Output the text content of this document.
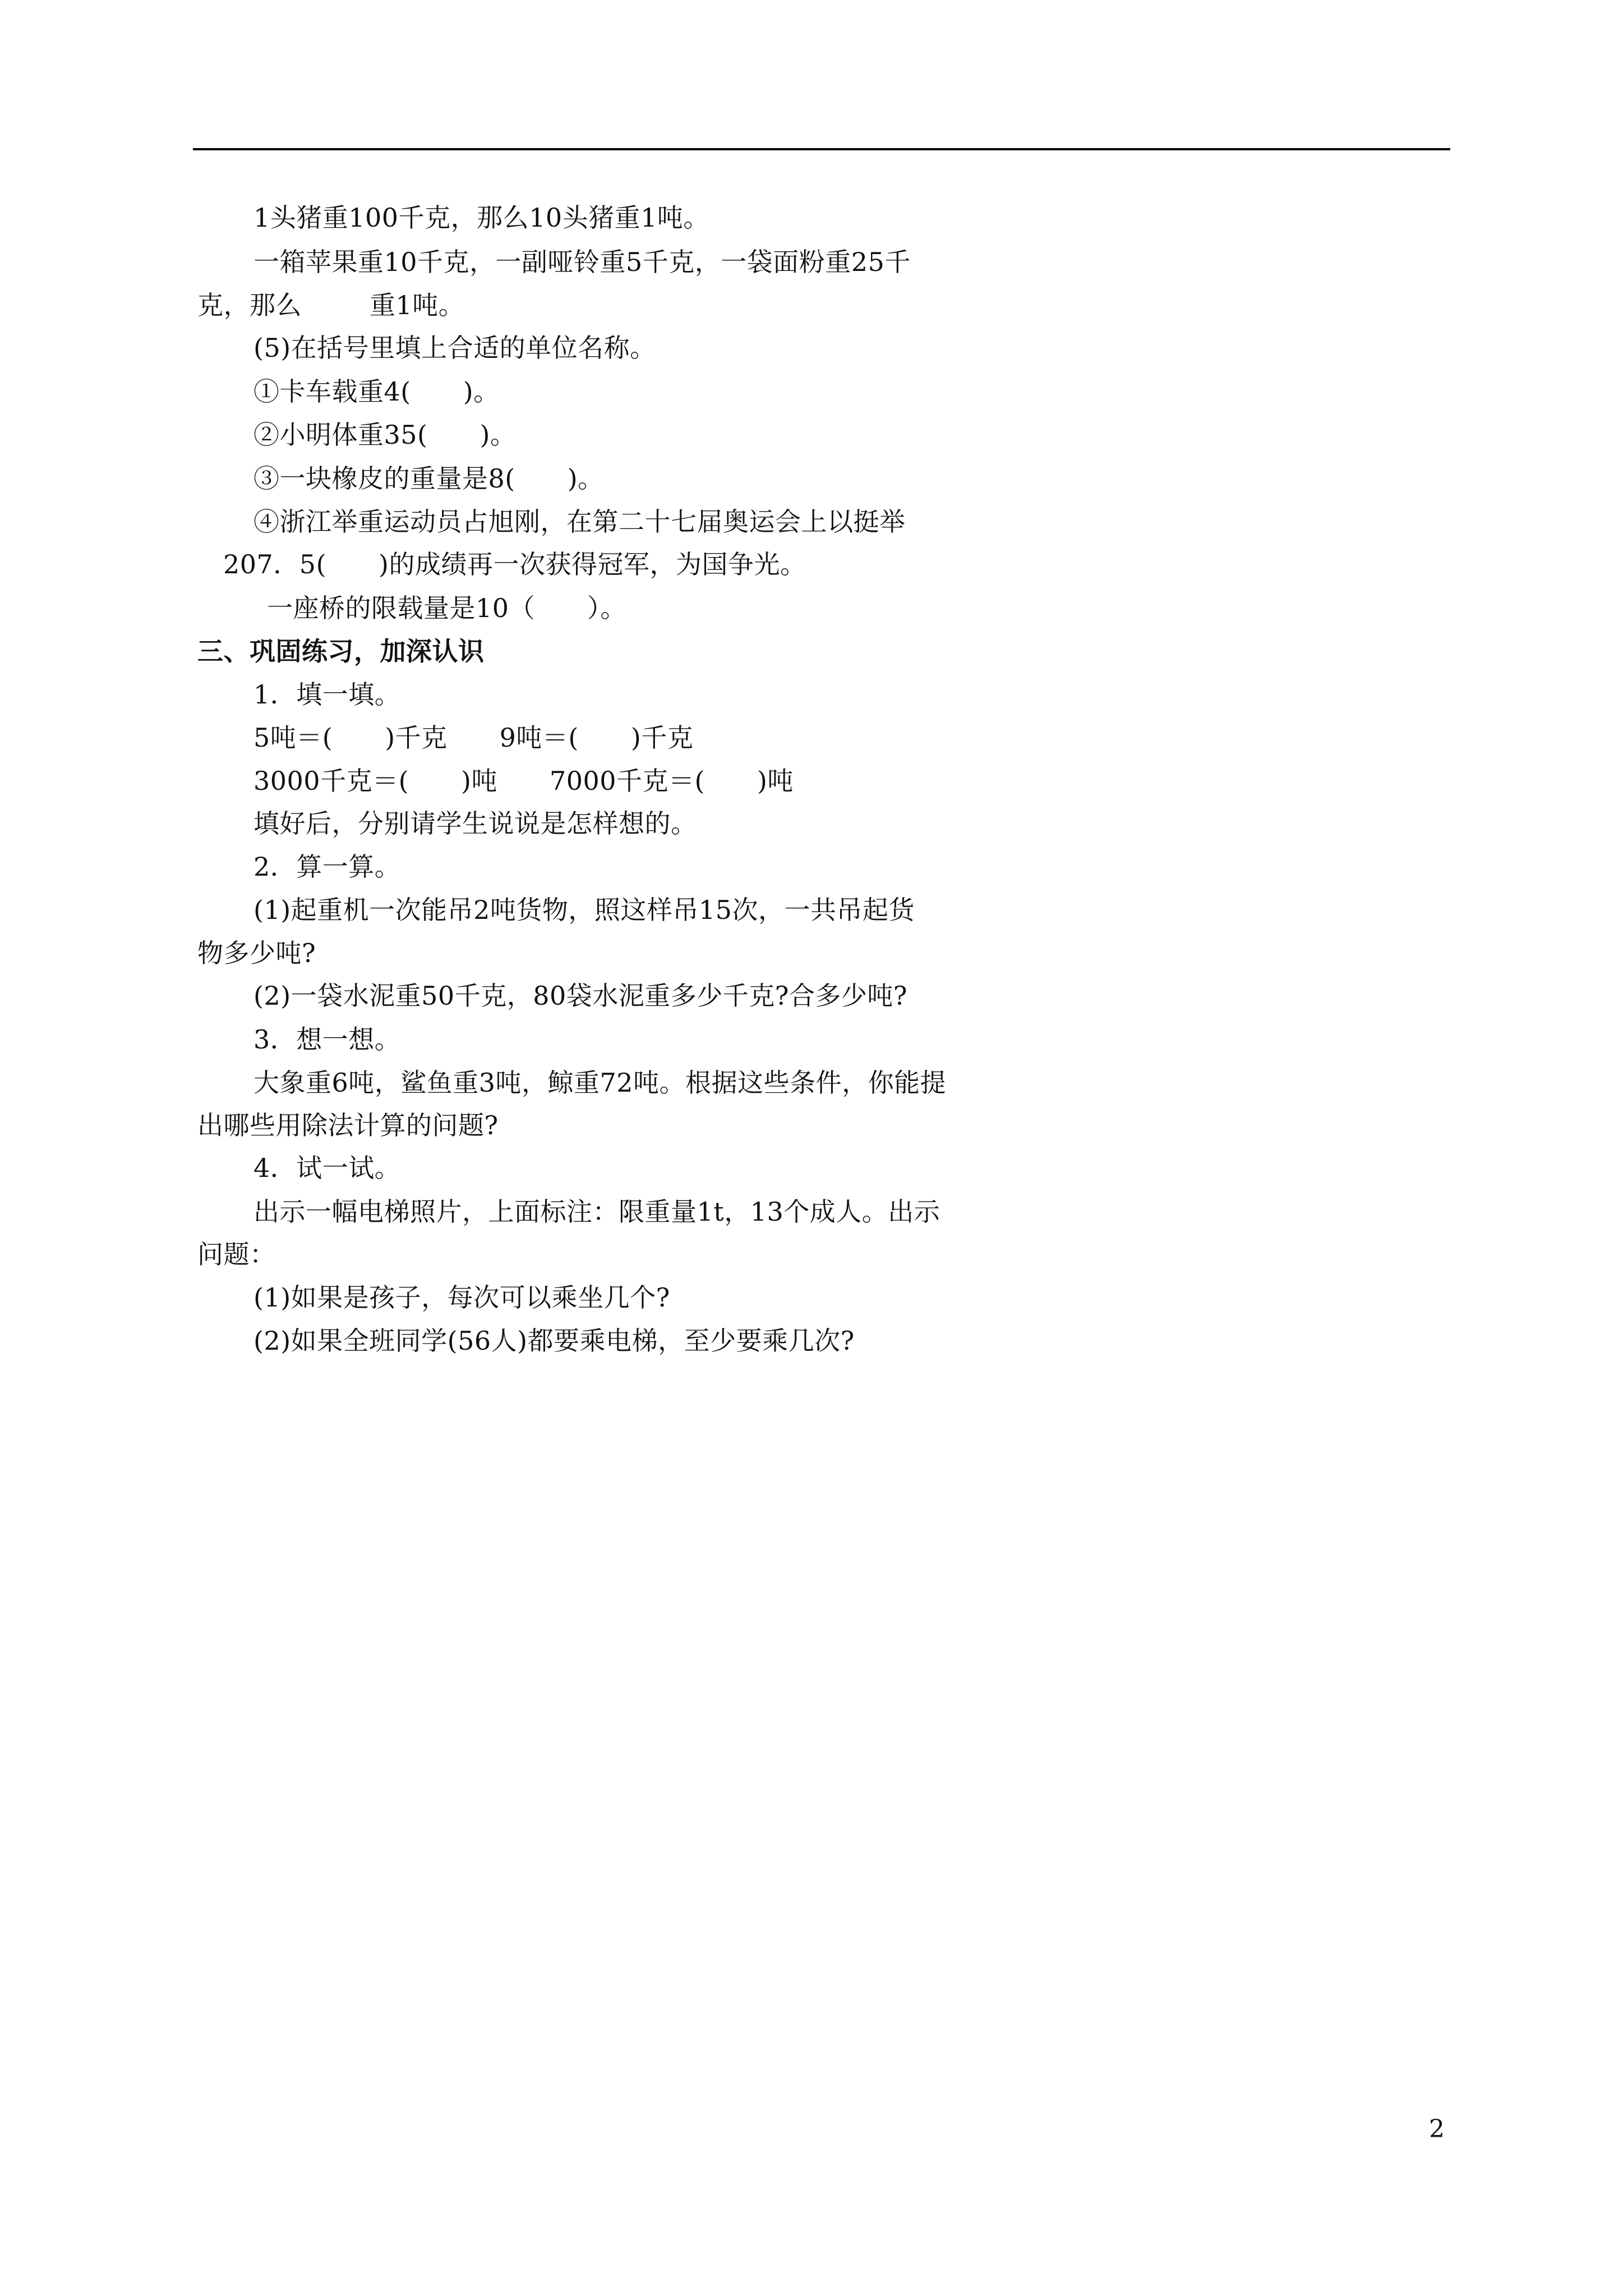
1头猪重100千克，那么10头猪重1吨。
一箱苹果重10千克，一副哑铃重5千克，一袋面粉重25千
克，那么        重1吨。
(5)在括号里填上合适的单位名称。
①卡车载重4(　　)。
②小明体重35(　　)。
③一块橡皮的重量是8(　　)。
④浙江举重运动员占旭刚，在第二十七届奥运会上以挺举
207．5(　　)的成绩再一次获得冠军，为国争光。
一座桥的限载量是10（　　）。
三、巩固练习，加深认识
1．填一填。
5吨＝(　　)千克　　9吨＝(　　)千克
3000千克＝(　　)吨　　7000千克＝(　　)吨
填好后，分别请学生说说是怎样想的。
2．算一算。
(1)起重机一次能吊2吨货物，照这样吊15次，一共吊起货
物多少吨?
(2)一袋水泥重50千克，80袋水泥重多少千克?合多少吨?
3．想一想。
大象重6吨，鲨鱼重3吨，鲸重72吨。根据这些条件，你能提
出哪些用除法计算的问题?
4．试一试。
出示一幅电梯照片，上面标注：限重量1t，13个成人。出示
问题：
(1)如果是孩子，每次可以乘坐几个?
(2)如果全班同学(56人)都要乘电梯，至少要乘几次?
2
